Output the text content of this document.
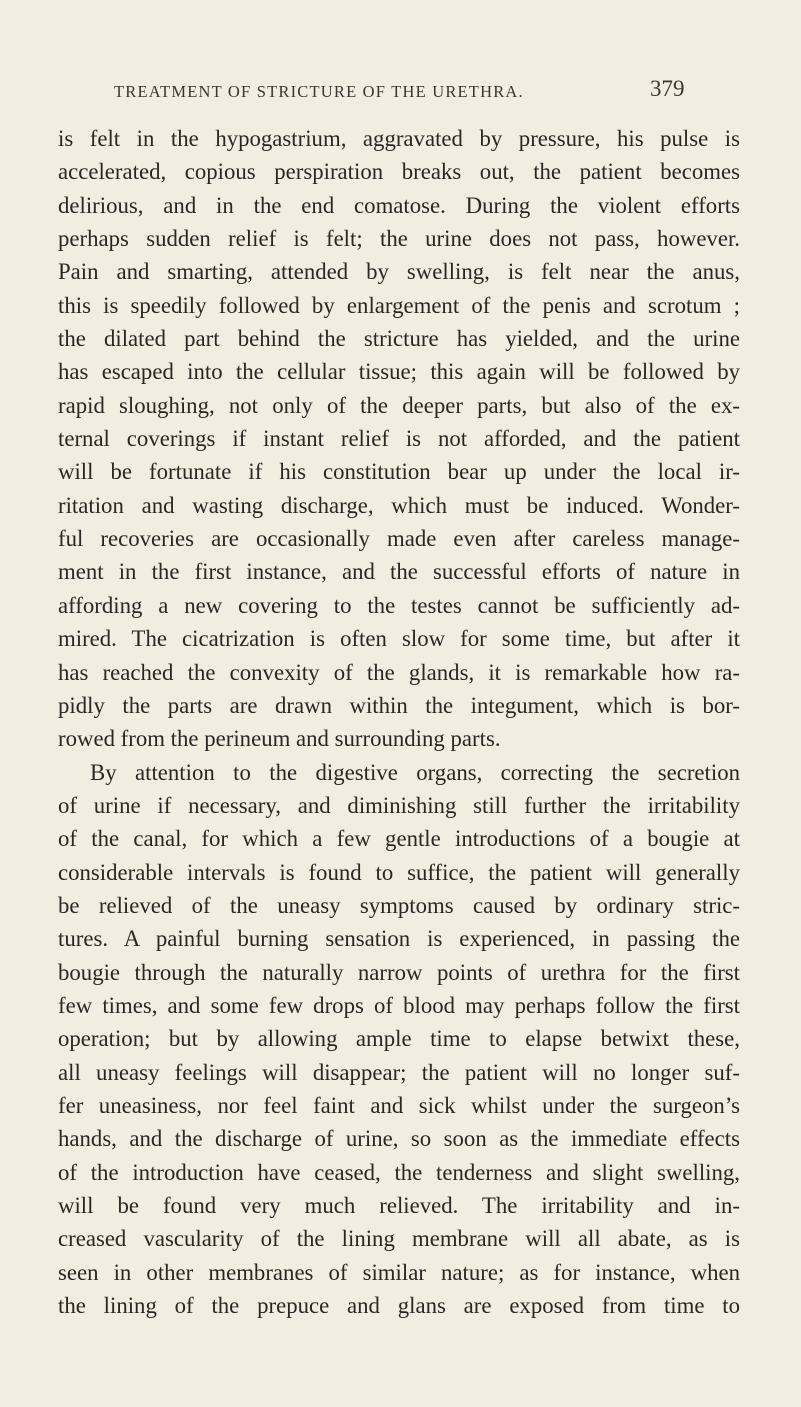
TREATMENT OF STRICTURE OF THE URETHRA.	379
is felt in the hypogastrium, aggravated by pressure, his pulse is
accelerated, copious perspiration breaks out, the patient becomes
delirious, and in the end comatose. During the violent efforts
perhaps sudden relief is felt; the urine does not pass, however.
Pain and smarting, attended by swelling, is felt near the anus,
this is speedily followed by enlargement of the penis and scrotum ;
the dilated part behind the stricture has yielded, and the urine
has escaped into the cellular tissue; this again will be followed by
rapid sloughing, not only of the deeper parts, but also of the ex-
ternal coverings if instant relief is not afforded, and the patient
will be fortunate if his constitution bear up under the local ir-
ritation and wasting discharge, which must be induced. Wonder-
ful recoveries are occasionally made even after careless manage-
ment in the first instance, and the successful efforts of nature in
affording a new covering to the testes cannot be sufficiently ad-
mired. The cicatrization is often slow for some time, but after it
has reached the convexity of the glands, it is remarkable how ra-
pidly the parts are drawn within the integument, which is bor-
rowed from the perineum and surrounding parts.
By attention to the digestive organs, correcting the secretion
of urine if necessary, and diminishing still further the irritability
of the canal, for which a few gentle introductions of a bougie at
considerable intervals is found to suffice, the patient will generally
be relieved of the uneasy symptoms caused by ordinary stric-
tures. A painful burning sensation is experienced, in passing the
bougie through the naturally narrow points of urethra for the first
few times, and some few drops of blood may perhaps follow the first
operation; but by allowing ample time to elapse betwixt these,
all uneasy feelings will disappear; the patient will no longer suf-
fer uneasiness, nor feel faint and sick whilst under the surgeon’s
hands, and the discharge of urine, so soon as the immediate effects
of the introduction have ceased, the tenderness and slight swelling,
will be found very much relieved. The irritability and in-
creased vascularity of the lining membrane will all abate, as is
seen in other membranes of similar nature; as for instance, when
the lining of the prepuce and glans are exposed from time to
